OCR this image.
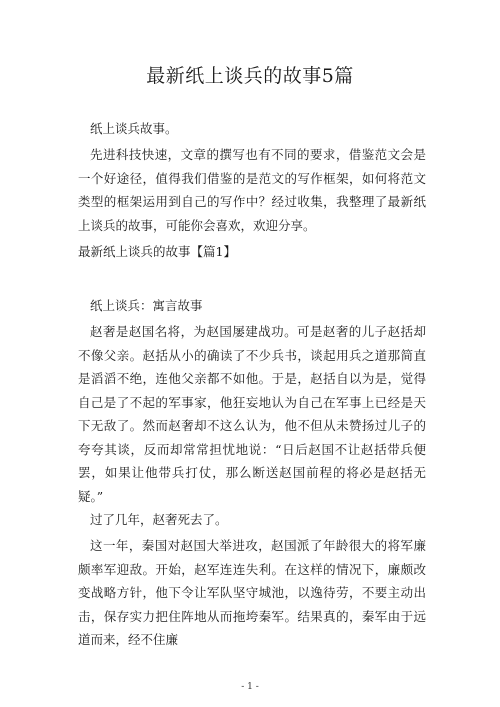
最新纸上谈兵的故事5篇

纸上谈兵故事。

先进科技快速，文章的撰写也有不同的要求，借鉴范文会是一个好途径，值得我们借鉴的是范文的写作框架，如何将范文类型的框架运用到自己的写作中？经过收集，我整理了最新纸上谈兵的故事，可能你会喜欢，欢迎分享。

最新纸上谈兵的故事【篇1】

纸上谈兵：寓言故事

赵奢是赵国名将，为赵国屡建战功。可是赵奢的儿子赵括却不像父亲。赵括从小的确读了不少兵书，谈起用兵之道那简直是滔滔不绝，连他父亲都不如他。于是，赵括自以为是，觉得自己是了不起的军事家，他狂妄地认为自己在军事上已经是天下无敌了。然而赵奢却不这么认为，他不但从未赞扬过儿子的夸夸其谈，反而却常常担忧地说：“日后赵国不让赵括带兵便罢，如果让他带兵打仗，那么断送赵国前程的将必是赵括无疑。”

过了几年，赵奢死去了。

这一年，秦国对赵国大举进攻，赵国派了年龄很大的将军廉颇率军迎敌。开始，赵军连连失利。在这样的情况下，廉颇改变战略方针，他下令让军队坚守城池，以逸待劳，不要主动出击，保存实力把住阵地从而拖垮秦军。结果真的，秦军由于远道而来，经不住廉

- 1 -
